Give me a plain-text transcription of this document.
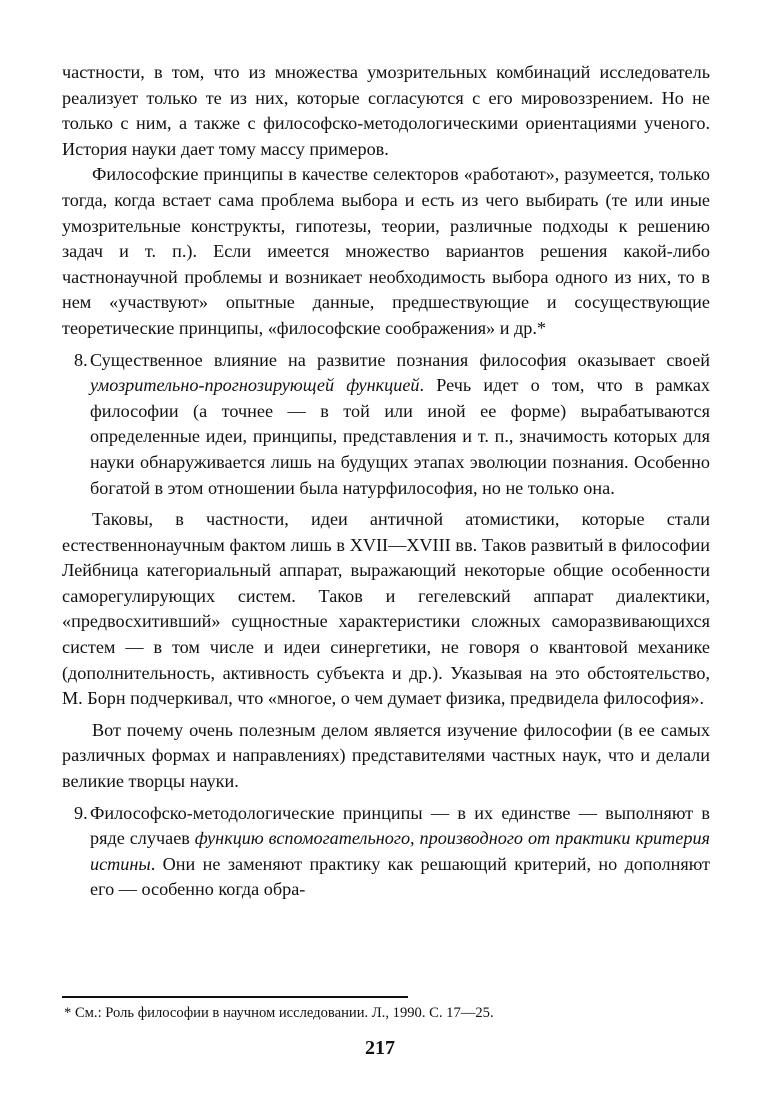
частности, в том, что из множества умозрительных комбинаций исследователь реализует только те из них, которые согласуются с его мировоззрением. Но не только с ним, а также с философско-методологическими ориентациями ученого. История науки дает тому массу примеров.

Философские принципы в качестве селекторов «работают», разумеется, только тогда, когда встает сама проблема выбора и есть из чего выбирать (те или иные умозрительные конструкты, гипотезы, теории, различные подходы к решению задач и т. п.). Если имеется множество вариантов решения какой-либо частнонаучной проблемы и возникает необходимость выбора одного из них, то в нем «участвуют» опытные данные, предшествующие и сосуществующие теоретические принципы, «философские соображения» и др.*

8. Существенное влияние на развитие познания философия оказывает своей умозрительно-прогнозирующей функцией. Речь идет о том, что в рамках философии (а точнее — в той или иной ее форме) вырабатываются определенные идеи, принципы, представления и т. п., значимость которых для науки обнаруживается лишь на будущих этапах эволюции познания. Особенно богатой в этом отношении была натурфилософия, но не только она.

Таковы, в частности, идеи античной атомистики, которые стали естественнонаучным фактом лишь в XVII—XVIII вв. Таков развитый в философии Лейбница категориальный аппарат, выражающий некоторые общие особенности саморегулирующих систем. Таков и гегелевский аппарат диалектики, «предвосхитивший» сущностные характеристики сложных саморазвивающихся систем — в том числе и идеи синергетики, не говоря о квантовой механике (дополнительность, активность субъекта и др.). Указывая на это обстоятельство, М. Борн подчеркивал, что «многое, о чем думает физика, предвидела философия».

Вот почему очень полезным делом является изучение философии (в ее самых различных формах и направлениях) представителями частных наук, что и делали великие творцы науки.

9. Философско-методологические принципы — в их единстве — выполняют в ряде случаев функцию вспомогательного, производного от практики критерия истины. Они не заменяют практику как решающий критерий, но дополняют его — особенно когда обра-

* См.: Роль философии в научном исследовании. Л., 1990. С. 17—25.
217
